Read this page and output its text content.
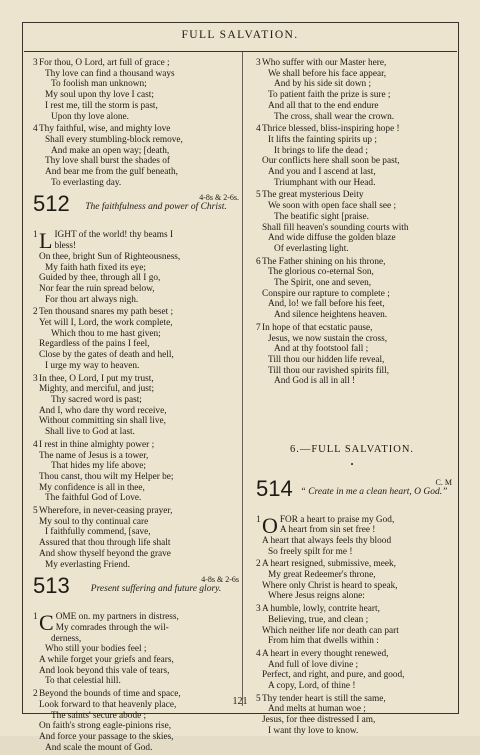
FULL SALVATION.
3 For thou, O Lord, art full of grace ;
Thy love can find a thousand ways
To foolish man unknown;
My soul upon thy love I cast;
I rest me, till the storm is past,
Upon thy love alone.
4 Thy faithful, wise, and mighty love
Shall every stumbling-block remove,
And make an open way; [death,
Thy love shall burst the shades of
And bear me from the gulf beneath,
To everlasting day.
512	4-8s & 2-6s.
The faithfulness and power of Christ.
1 L IGHT of the world! thy beams I
bless!
On thee, bright Sun of Righteousness,
My faith hath fixed its eye;
Guided by thee, through all I go,
Nor fear the ruin spread below,
For thou art always nigh.
2 Ten thousand snares my path beset ;
Yet will I, Lord, the work complete,
Which thou to me hast given;
Regardless of the pains I feel,
Close by the gates of death and hell,
I urge my way to heaven.
3 In thee, O Lord, I put my trust,
Mighty, and merciful, and just;
Thy sacred word is past;
And I, who dare thy word receive,
Without committing sin shall live,
Shall live to God at last.
4 I rest in thine almighty power ;
The name of Jesus is a tower,
That hides my life above;
Thou canst, thou wilt my Helper be;
My confidence is all in thee,
The faithful God of Love.
5 Wherefore, in never-ceasing prayer,
My soul to thy continual care
I faithfully commend, [save,
Assured that thou through life shalt
And show thyself beyond the grave
My everlasting Friend.
513	4-8s & 2-6s
Present suffering and future glory.
1 C OME on. my partners in distress,
My comrades through the wil-
derness,
Who still your bodies feel ;
A while forget your griefs and fears,
And look beyond this vale of tears,
To that celestial hill.
2 Beyond the bounds of time and space,
Look forward to that heavenly place,
The saints' secure abode ;
On faith's strong eagle-pinions rise,
And force your passage to the skies,
And scale the mount of God.
3 Who suffer with our Master here,
We shall before his face appear,
And by his side sit down ;
To patient faith the prize is sure ;
And all that to the end endure
The cross, shall wear the crown.
4 Thrice blessed, bliss-inspiring hope !
It lifts the fainting spirits up ;
It brings to life the dead ;
Our conflicts here shall soon be past,
And you and I ascend at last,
Triumphant with our Head.
5 The great mysterious Deity
We soon with open face shall see ;
The beatific sight [praise.
Shall fill heaven's sounding courts with
And wide diffuse the golden blaze
Of everlasting light.
6 The Father shining on his throne,
The glorious co-eternal Son,
The Spirit, one and seven,
Conspire our rapture to complete ;
And, lo! we fall before his feet,
And silence heightens heaven.
7 In hope of that ecstatic pause,
Jesus, we now sustain the cross,
And at thy footstool fall ;
Till thou our hidden life reveal,
Till thou our ravished spirits fill,
And God is all in all !
6.—FULL SALVATION.
•
514	C. M
“ Create in me a clean heart, O God.”
1 O FOR a heart to praise my God,
A heart from sin set free !
A heart that always feels thy blood
So freely spilt for me !
2 A heart resigned, submissive, meek,
My great Redeemer's throne,
Where only Christ is heard to speak,
Where Jesus reigns alone:
3 A humble, lowly, contrite heart,
Believing, true, and clean ;
Which neither life nor death can part
From him that dwells within :
4 A heart in every thought renewed,
And full of love divine ;
Perfect, and right, and pure, and good,
A copy, Lord, of thine !
5 Thy tender heart is still the same,
And melts at human woe ;
Jesus, for thee distressed I am,
I want thy love to know.
121
